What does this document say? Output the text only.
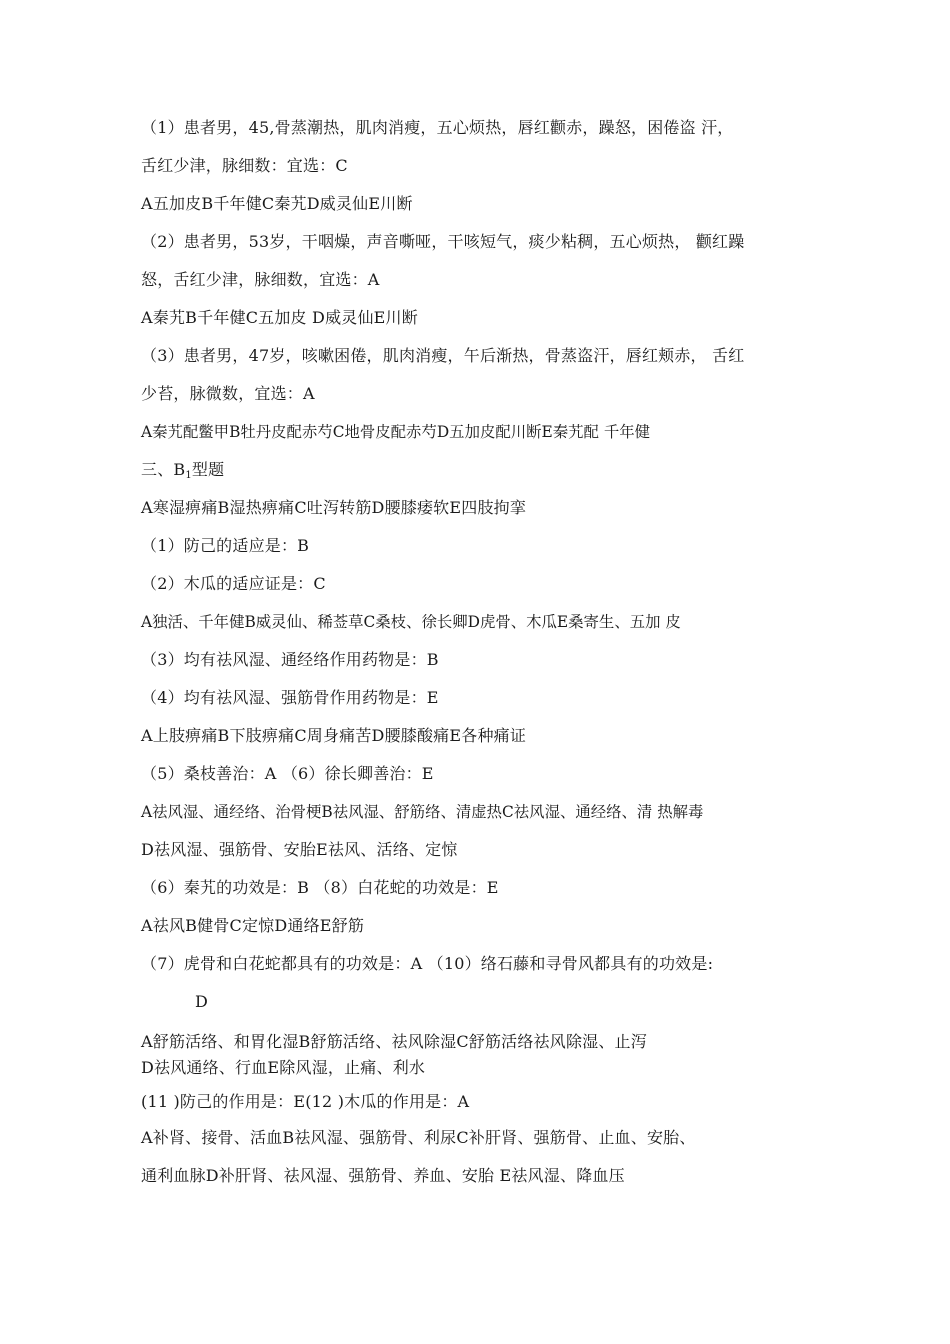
（1）患者男，45,骨蒸潮热，肌肉消瘦，五心烦热，唇红颧赤，躁怒，困倦盗 汗，
舌红少津，脉细数：宜选：C
A五加皮B千年健C秦艽D威灵仙E川断
（2）患者男，53岁，干咽燥，声音嘶哑，干咳短气，痰少粘稠，五心烦热， 颧红躁
怒，舌红少津，脉细数，宜选：A
A秦艽B千年健C五加皮 D威灵仙E川断
（3）患者男，47岁，咳嗽困倦，肌肉消瘦，午后渐热，骨蒸盗汗，唇红颊赤， 舌红
少苔，脉微数，宜选：A
A秦艽配鳖甲B牡丹皮配赤芍C地骨皮配赤芍D五加皮配川断E秦艽配 千年健
三、$B_1$型题
A寒湿痹痛B湿热痹痛C吐泻转筋D腰膝痿软E四肢拘挛
（1）防己的适应是：B
（2）木瓜的适应证是：C
A独活、千年健B威灵仙、稀莶草C桑枝、徐长卿D虎骨、木瓜E桑寄生、五加 皮
（3）均有祛风湿、通经络作用药物是：B
（4）均有祛风湿、强筋骨作用药物是：E
A上肢痹痛B下肢痹痛C周身痛苦D腰膝酸痛E各种痛证
（5）桑枝善治：A （6）徐长卿善治：E
A祛风湿、通经络、治骨梗B祛风湿、舒筋络、清虚热C祛风湿、通经络、清 热解毒
D祛风湿、强筋骨、安胎E祛风、活络、定惊
（6）秦艽的功效是：B （8）白花蛇的功效是：E
A祛风B健骨C定惊D通络E舒筋
（7）虎骨和白花蛇都具有的功效是：A （10）络石藤和寻骨风都具有的功效是:
D
A舒筋活络、和胃化湿B舒筋活络、祛风除湿C舒筋活络祛风除湿、止泻
D祛风通络、行血E除风湿，止痛、利水
(11 )防己的作用是：E(12 )木瓜的作用是：A
A补肾、接骨、活血B祛风湿、强筋骨、利尿C补肝肾、强筋骨、止血、安胎、
通利血脉D补肝肾、祛风湿、强筋骨、养血、安胎 E祛风湿、降血压
